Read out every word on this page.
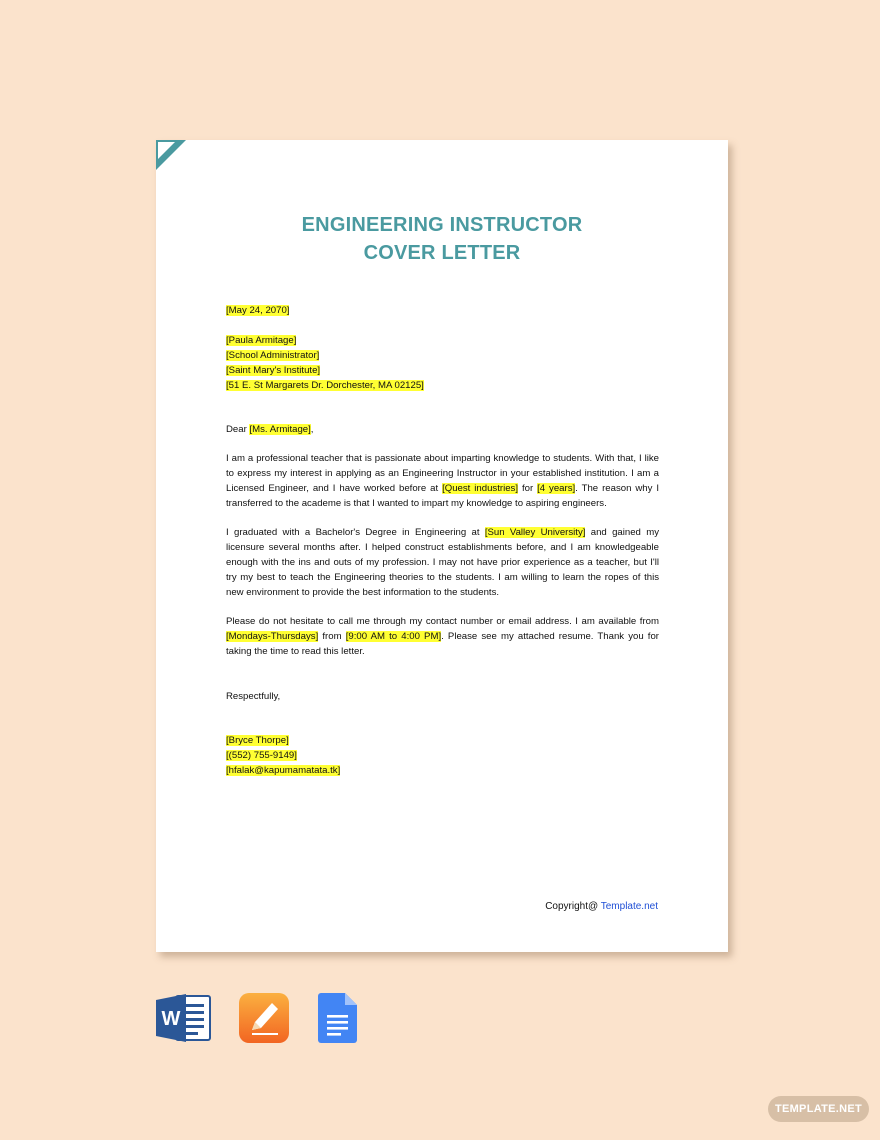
ENGINEERING INSTRUCTOR
COVER LETTER
[May 24, 2070]
[Paula Armitage]
[School Administrator]
[Saint Mary's Institute]
[51 E. St Margarets Dr. Dorchester, MA 02125]
Dear [Ms. Armitage],
I am a professional teacher that is passionate about imparting knowledge to students. With that, I like to express my interest in applying as an Engineering Instructor in your established institution. I am a Licensed Engineer, and I have worked before at [Quest industries] for [4 years]. The reason why I transferred to the academe is that I wanted to impart my knowledge to aspiring engineers.
I graduated with a Bachelor's Degree in Engineering at [Sun Valley University] and gained my licensure several months after. I helped construct establishments before, and I am knowledgeable enough with the ins and outs of my profession. I may not have prior experience as a teacher, but I'll try my best to teach the Engineering theories to the students. I am willing to learn the ropes of this new environment to provide the best information to the students.
Please do not hesitate to call me through my contact number or email address. I am available from [Mondays-Thursdays] from [9:00 AM to 4:00 PM]. Please see my attached resume. Thank you for taking the time to read this letter.
Respectfully,
[Bryce Thorpe]
[(552) 755-9149]
[hfalak@kapumamatata.tk]
Copyright@ Template.net
W
TEMPLATE.NET
